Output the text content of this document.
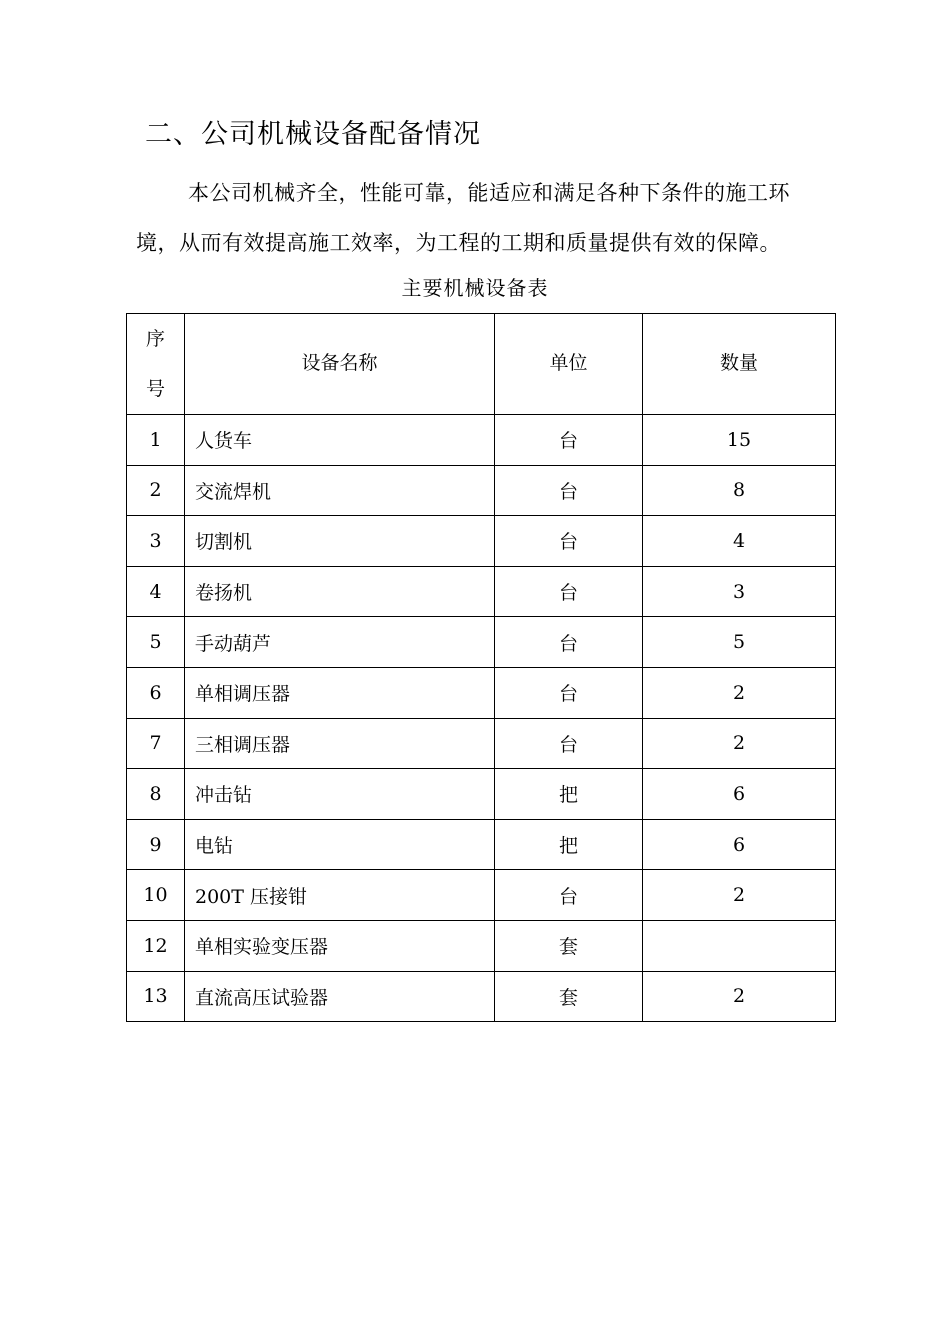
二、公司机械设备配备情况

本公司机械齐全，性能可靠，能适应和满足各种下条件的施工环境，从而有效提高施工效率，为工程的工期和质量提供有效的保障。

主要机械设备表
序
号	设备名称	单位	数量
1	人货车	台	15
2	交流焊机	台	8
3	切割机	台	4
4	卷扬机	台	3
5	手动葫芦	台	5
6	单相调压器	台	2
7	三相调压器	台	2
8	冲击钻	把	6
9	电钻	把	6
10	200T 压接钳	台	2
12	单相实验变压器	套	
13	直流高压试验器	套	2
